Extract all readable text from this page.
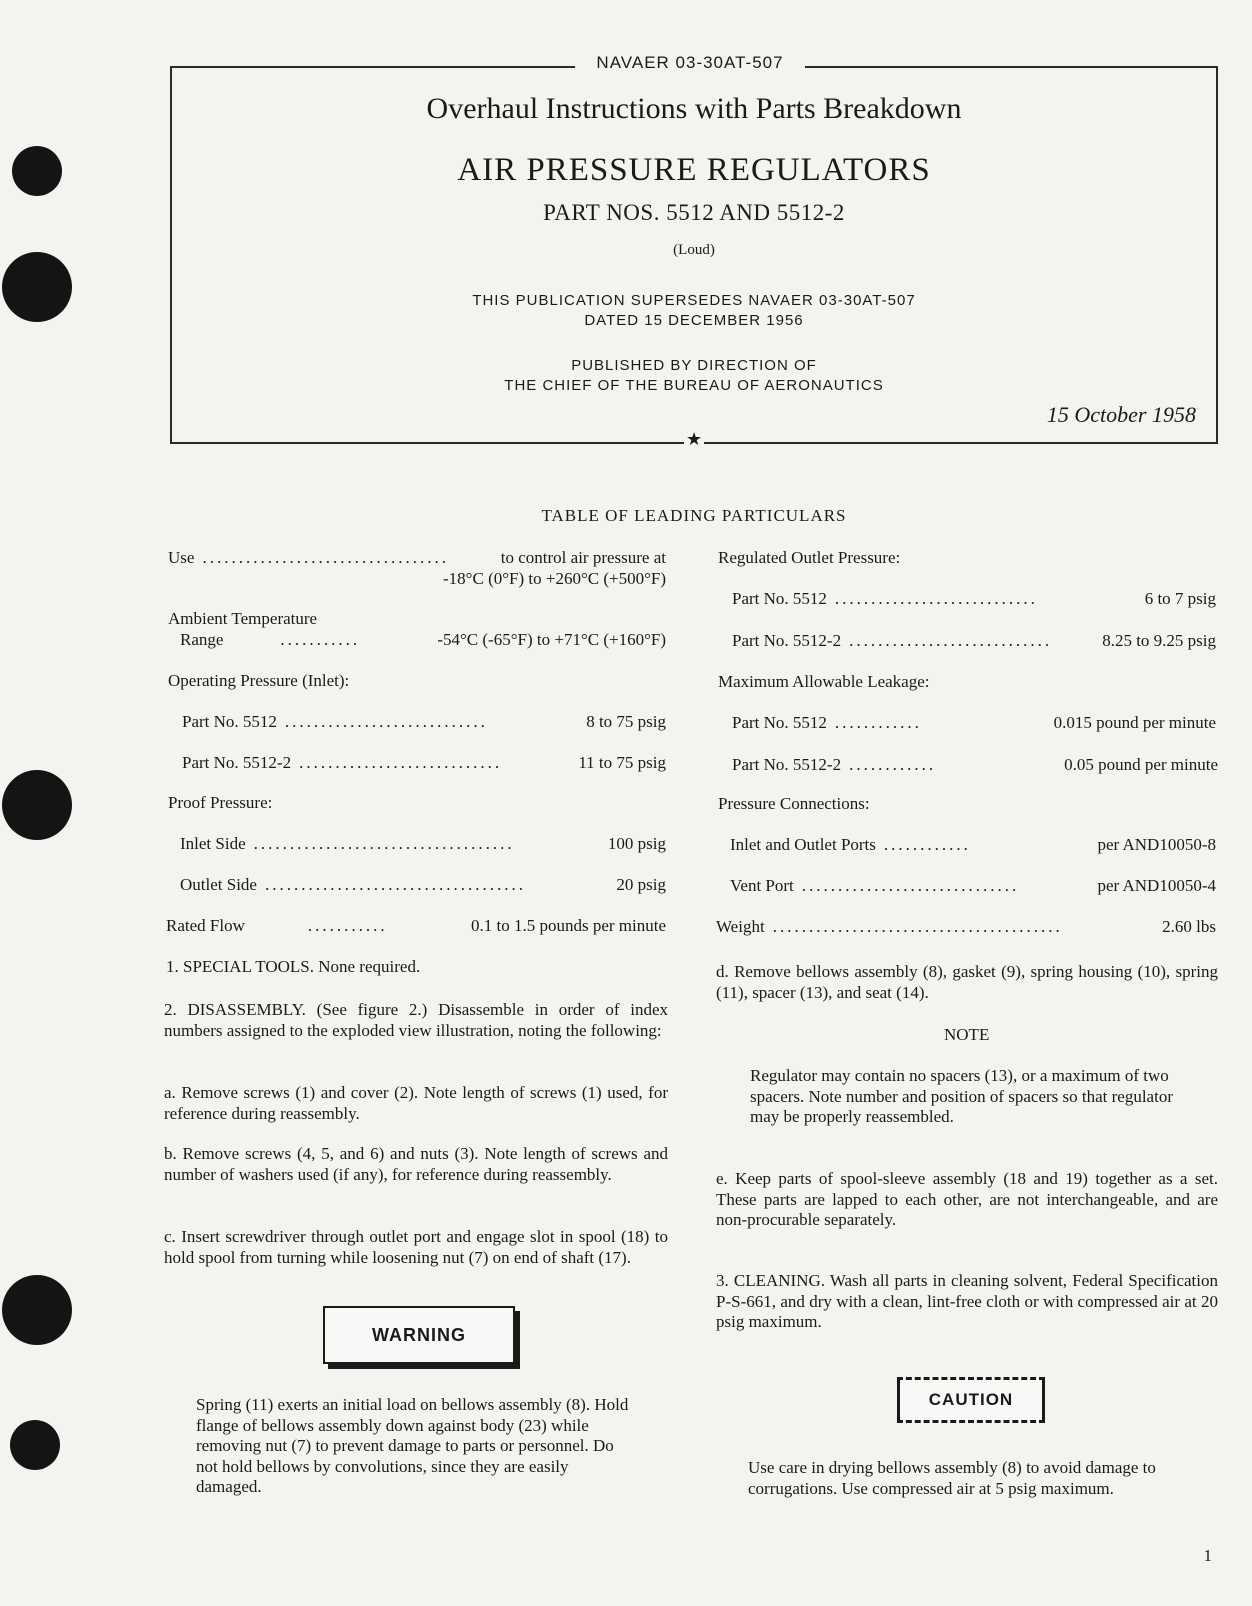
NAVAER 03-30AT-507
Overhaul Instructions with Parts Breakdown
AIR PRESSURE REGULATORS
PART NOS. 5512 AND 5512-2
(Loud)
THIS PUBLICATION SUPERSEDES NAVAER 03-30AT-507
DATED 15 DECEMBER 1956
PUBLISHED BY DIRECTION OF
THE CHIEF OF THE BUREAU OF AERONAUTICS
15 October 1958
★
TABLE OF LEADING PARTICULARS
Use ..................................	to control air pressure at
-18°C (0°F) to +260°C (+500°F)
Ambient Temperature
Range	...........	-54°C (-65°F) to +71°C (+160°F)
Operating Pressure (Inlet):
Part No. 5512 ............................	8 to 75 psig
Part No. 5512-2 ............................	11 to 75 psig
Proof Pressure:
Inlet Side ....................................	100 psig
Outlet Side ....................................	20 psig
Rated Flow	...........	0.1 to 1.5 pounds per minute
Regulated Outlet Pressure:
Part No. 5512 ............................	6 to 7 psig
Part No. 5512-2 ............................	8.25 to 9.25 psig
Maximum Allowable Leakage:
Part No. 5512 ............	0.015 pound per minute
Part No. 5512-2 ............	0.05 pound per minute
Pressure Connections:
Inlet and Outlet Ports ............	per AND10050-8
Vent Port ..............................	per AND10050-4
Weight ........................................	2.60 lbs
1. SPECIAL TOOLS. None required.
2. DISASSEMBLY. (See figure 2.) Disassemble in order of index numbers assigned to the exploded view illustration, noting the following:
a. Remove screws (1) and cover (2). Note length of screws (1) used, for reference during reassembly.
b. Remove screws (4, 5, and 6) and nuts (3). Note length of screws and number of washers used (if any), for reference during reassembly.
c. Insert screwdriver through outlet port and engage slot in spool (18) to hold spool from turning while loosening nut (7) on end of shaft (17).
WARNING
Spring (11) exerts an initial load on bellows assembly (8). Hold flange of bellows assembly down against body (23) while removing nut (7) to prevent damage to parts or personnel. Do not hold bellows by convolutions, since they are easily damaged.
d. Remove bellows assembly (8), gasket (9), spring housing (10), spring (11), spacer (13), and seat (14).
NOTE
Regulator may contain no spacers (13), or a maximum of two spacers. Note number and position of spacers so that regulator may be properly reassembled.
e. Keep parts of spool-sleeve assembly (18 and 19) together as a set. These parts are lapped to each other, are not interchangeable, and are non-procurable separately.
3. CLEANING. Wash all parts in cleaning solvent, Federal Specification P-S-661, and dry with a clean, lint-free cloth or with compressed air at 20 psig maximum.
CAUTION
Use care in drying bellows assembly (8) to avoid damage to corrugations. Use compressed air at 5 psig maximum.
1
